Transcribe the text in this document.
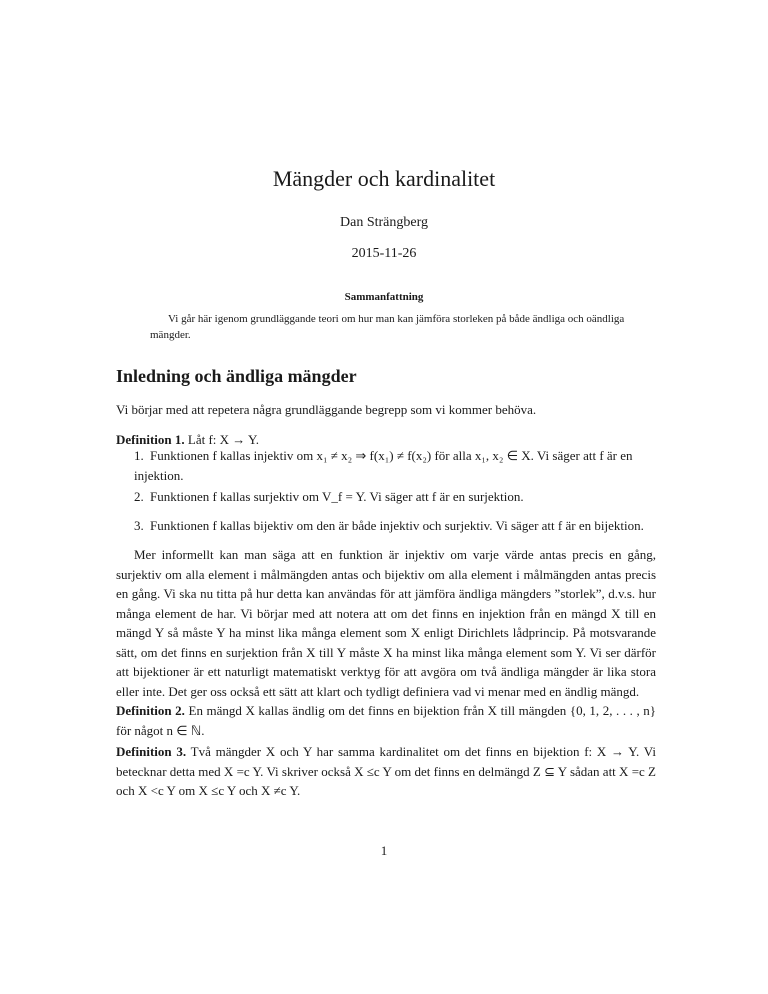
Mängder och kardinalitet
Dan Strängberg
2015-11-26
Sammanfattning
Vi går här igenom grundläggande teori om hur man kan jämföra storleken på både ändliga och oändliga mängder.
Inledning och ändliga mängder
Vi börjar med att repetera några grundläggande begrepp som vi kommer behöva.
Definition 1. Låt f: X → Y.
1. Funktionen f kallas injektiv om x₁ ≠ x₂ ⇒ f(x₁) ≠ f(x₂) för alla x₁, x₂ ∈ X. Vi säger att f är en injektion.
2. Funktionen f kallas surjektiv om V_f = Y. Vi säger att f är en surjektion.
3. Funktionen f kallas bijektiv om den är både injektiv och surjektiv. Vi säger att f är en bijektion.
Mer informellt kan man säga att en funktion är injektiv om varje värde antas precis en gång, surjektiv om alla element i målmängden antas och bijektiv om alla element i målmängden antas precis en gång. Vi ska nu titta på hur detta kan användas för att jämföra ändliga mängders ”storlek”, d.v.s. hur många element de har. Vi börjar med att notera att om det finns en injektion från en mängd X till en mängd Y så måste Y ha minst lika många element som X enligt Dirichlets lådprincip. På motsvarande sätt, om det finns en surjektion från X till Y måste X ha minst lika många element som Y. Vi ser därför att bijektioner är ett naturligt matematiskt verktyg för att avgöra om två ändliga mängder är lika stora eller inte. Det ger oss också ett sätt att klart och tydligt definiera vad vi menar med en ändlig mängd.
Definition 2. En mängd X kallas ändlig om det finns en bijektion från X till mängden {0, 1, 2, . . . , n} för något n ∈ ℕ.
Definition 3. Två mängder X och Y har samma kardinalitet om det finns en bijektion f: X → Y. Vi betecknar detta med X =c Y. Vi skriver också X ≤c Y om det finns en delmängd Z ⊆ Y sådan att X =c Z och X <c Y om X ≤c Y och X ≠c Y.
1
